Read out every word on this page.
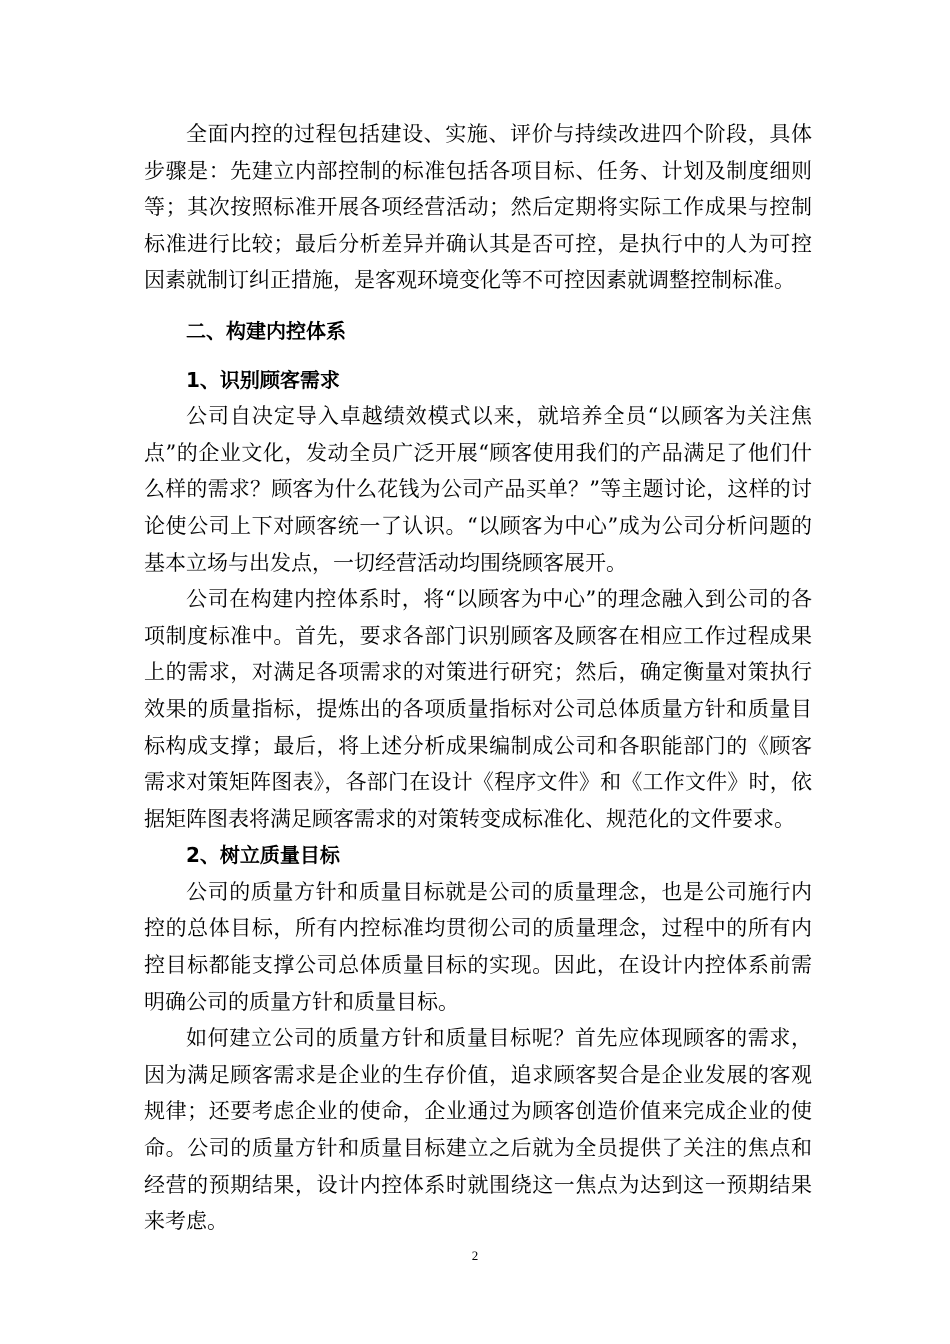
全面内控的过程包括建设、实施、评价与持续改进四个阶段，具体步骤是：先建立内部控制的标准包括各项目标、任务、计划及制度细则等；其次按照标准开展各项经营活动；然后定期将实际工作成果与控制标准进行比较；最后分析差异并确认其是否可控，是执行中的人为可控因素就制订纠正措施，是客观环境变化等不可控因素就调整控制标准。

二、构建内控体系

1、识别顾客需求

公司自决定导入卓越绩效模式以来，就培养全员“以顾客为关注焦点”的企业文化，发动全员广泛开展“顾客使用我们的产品满足了他们什么样的需求？顾客为什么花钱为公司产品买单？”等主题讨论，这样的讨论使公司上下对顾客统一了认识。“以顾客为中心”成为公司分析问题的基本立场与出发点，一切经营活动均围绕顾客展开。

公司在构建内控体系时，将“以顾客为中心”的理念融入到公司的各项制度标准中。首先，要求各部门识别顾客及顾客在相应工作过程成果上的需求，对满足各项需求的对策进行研究；然后，确定衡量对策执行效果的质量指标，提炼出的各项质量指标对公司总体质量方针和质量目标构成支撑；最后，将上述分析成果编制成公司和各职能部门的《顾客需求对策矩阵图表》，各部门在设计《程序文件》和《工作文件》时，依据矩阵图表将满足顾客需求的对策转变成标准化、规范化的文件要求。

2、树立质量目标

公司的质量方针和质量目标就是公司的质量理念，也是公司施行内控的总体目标，所有内控标准均贯彻公司的质量理念，过程中的所有内控目标都能支撑公司总体质量目标的实现。因此，在设计内控体系前需明确公司的质量方针和质量目标。

如何建立公司的质量方针和质量目标呢？首先应体现顾客的需求，因为满足顾客需求是企业的生存价值，追求顾客契合是企业发展的客观规律；还要考虑企业的使命，企业通过为顾客创造价值来完成企业的使命。公司的质量方针和质量目标建立之后就为全员提供了关注的焦点和经营的预期结果，设计内控体系时就围绕这一焦点为达到这一预期结果来考虑。

2
